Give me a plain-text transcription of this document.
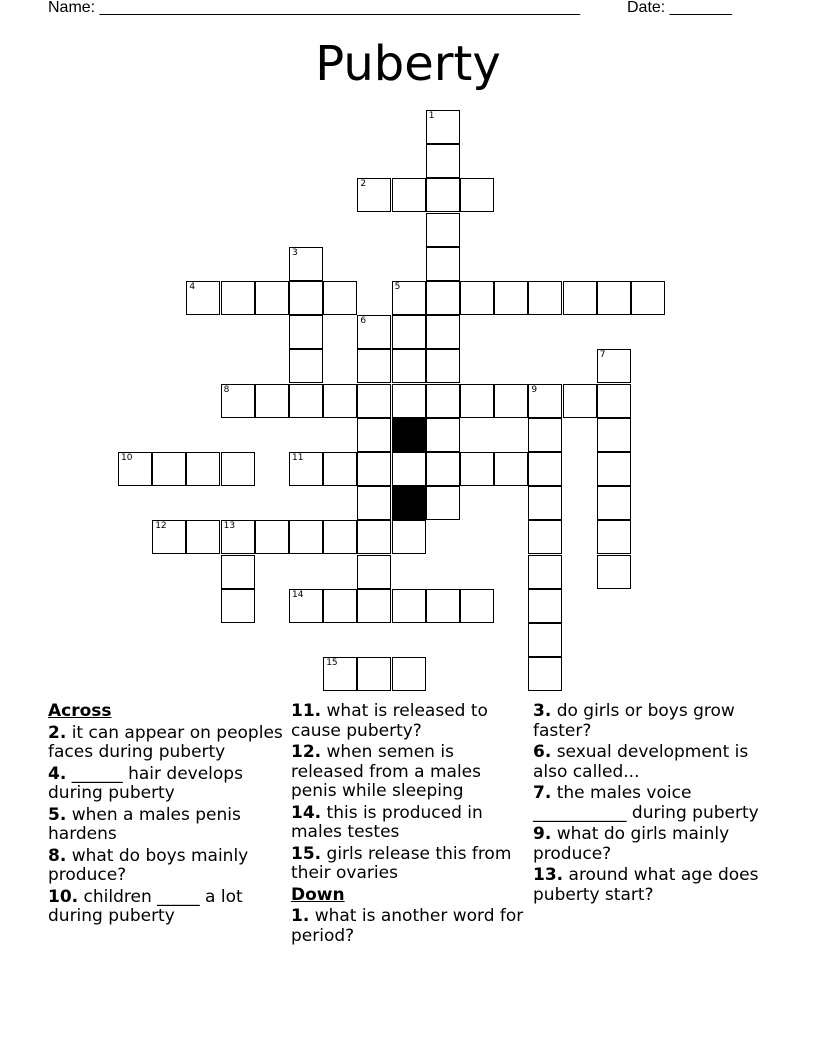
Name: ______________________________________________________	Date: _______
Puberty
1
2
3
4	5
6
7
8	9
10	11
12	13
14
15
Across
2. it can appear on peoples faces during puberty
4. ______ hair develops during puberty
5. when a males penis hardens
8. what do boys mainly produce?
10. children _____ a lot during puberty
11. what is released to cause puberty?
12. when semen is released from a males penis while sleeping
14. this is produced in males testes
15. girls release this from their ovaries
Down
1. what is another word for period?
3. do girls or boys grow faster?
6. sexual development is also called...
7. the males voice ___________ during puberty
9. what do girls mainly produce?
13. around what age does puberty start?
